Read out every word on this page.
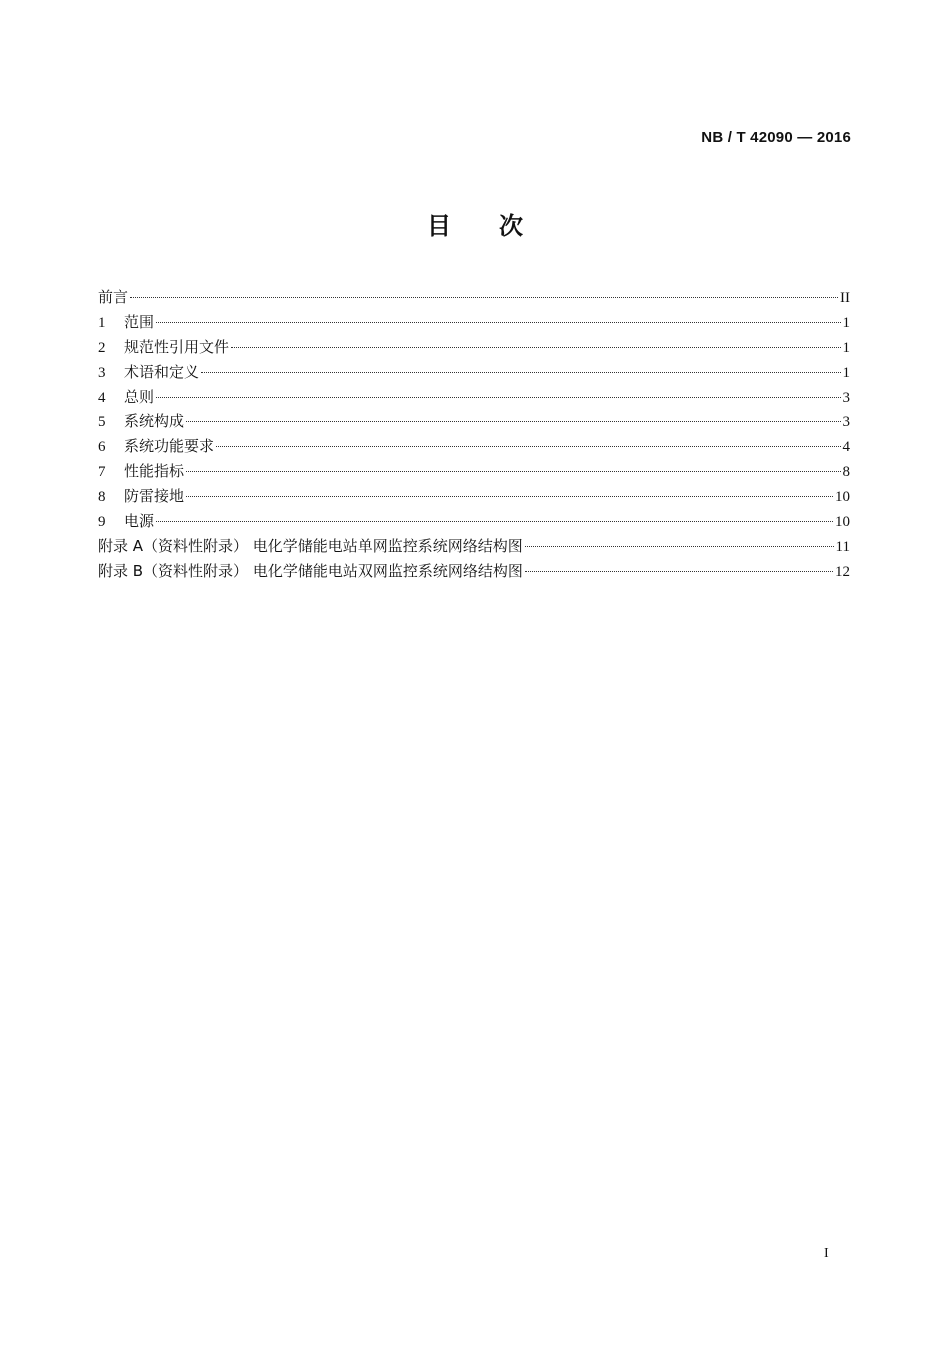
NB / T 42090 — 2016
目次
前言	II
1	范围	1
2	规范性引用文件	1
3	术语和定义	1
4	总则	3
5	系统构成	3
6	系统功能要求	4
7	性能指标	8
8	防雷接地	10
9	电源	10
附录 A（资料性附录） 电化学储能电站单网监控系统网络结构图	11
附录 B（资料性附录） 电化学储能电站双网监控系统网络结构图	12
I
